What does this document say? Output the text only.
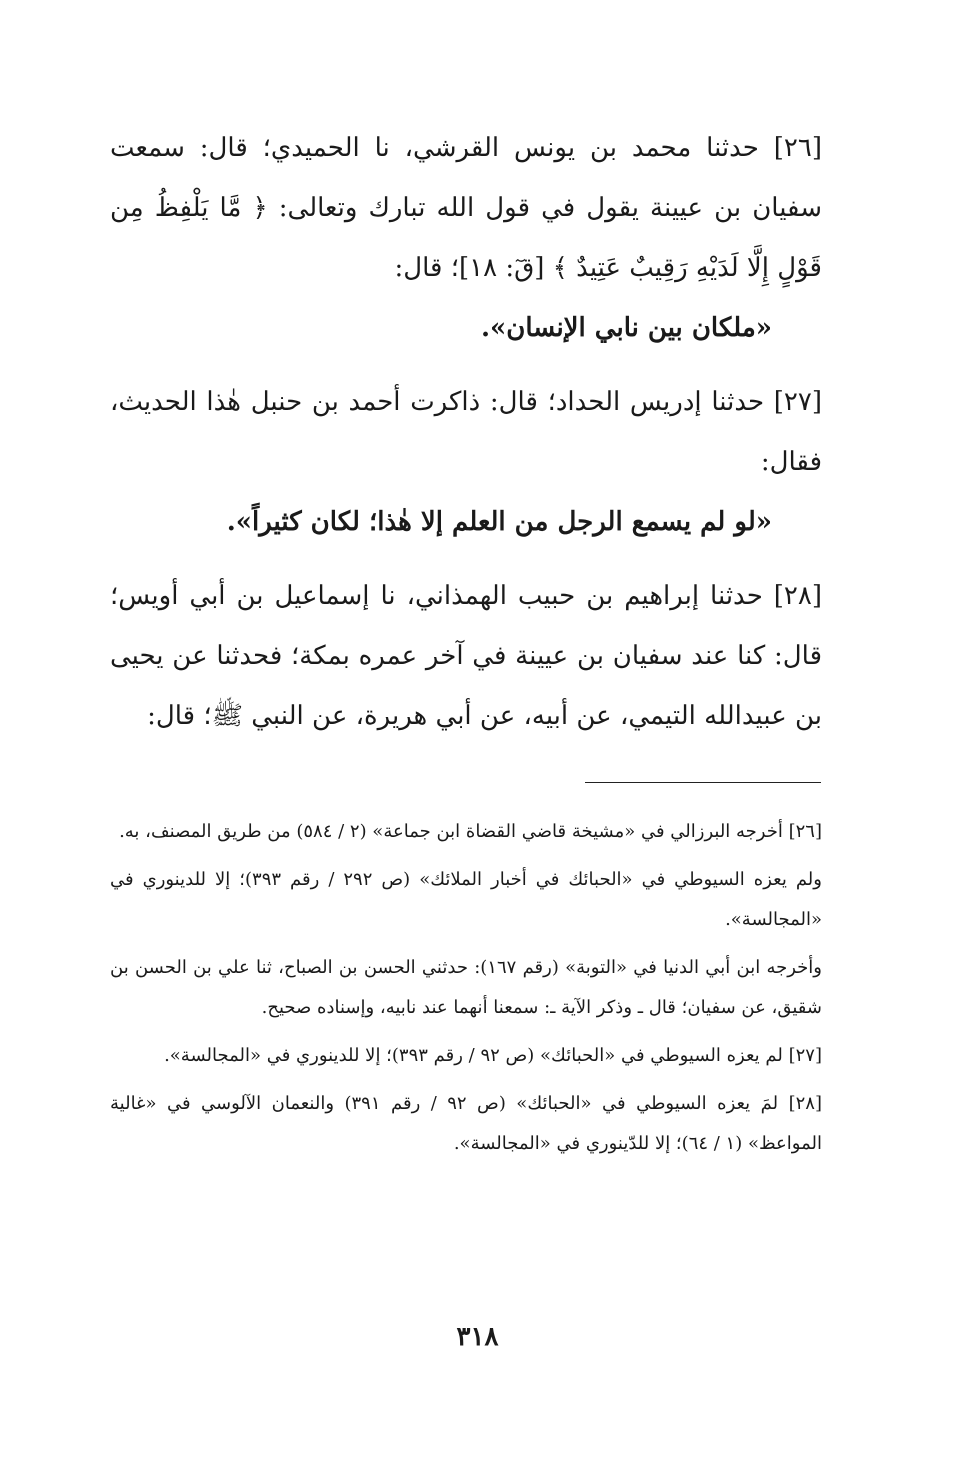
[٢٦] حدثنا محمد بن يونس القرشي، نا الحميدي؛ قال: سمعت سفيان بن عيينة يقول في قول الله تبارك وتعالى: ﴿ مَّا يَلْفِظُ مِن قَوْلٍ إِلَّا لَدَيْهِ رَقِيبٌ عَتِيدٌ ﴾ [قٓ: ١٨]؛ قال:

«ملكان بين نابي الإنسان».

[٢٧] حدثنا إدريس الحداد؛ قال: ذاكرت أحمد بن حنبل هٰذا الحديث، فقال:

«لو لم يسمع الرجل من العلم إلا هٰذا؛ لكان كثيراً».

[٢٨] حدثنا إبراهيم بن حبيب الهمذاني، نا إسماعيل بن أبي أويس؛ قال: كنا عند سفيان بن عيينة في آخر عمره بمكة؛ فحدثنا عن يحيى بن عبيدالله التيمي، عن أبيه، عن أبي هريرة، عن النبي ﷺ؛ قال:

[٢٦] أخرجه البرزالي في «مشيخة قاضي القضاة ابن جماعة» (٢ / ٥٨٤) من طريق المصنف، به.

ولم يعزه السيوطي في «الحبائك في أخبار الملائك» (ص ٢٩٢ / رقم ٣٩٣)؛ إلا للدينوري في «المجالسة».

وأخرجه ابن أبي الدنيا في «التوبة» (رقم ١٦٧): حدثني الحسن بن الصباح، ثنا علي بن الحسن بن شقيق، عن سفيان؛ قال ـ وذكر الآية ـ: سمعنا أنهما عند نابيه، وإسناده صحيح.

[٢٧] لم يعزه السيوطي في «الحبائك» (ص ٩٢ / رقم ٣٩٣)؛ إلا للدينوري في «المجالسة».

[٢٨] لمَ يعزه السيوطي في «الحبائك» (ص ٩٢ / رقم ٣٩١) والنعمان الآلوسي في «غالية المواعظ» (١ / ٦٤)؛ إلا للدّينوري في «المجالسة».

٣١٨
